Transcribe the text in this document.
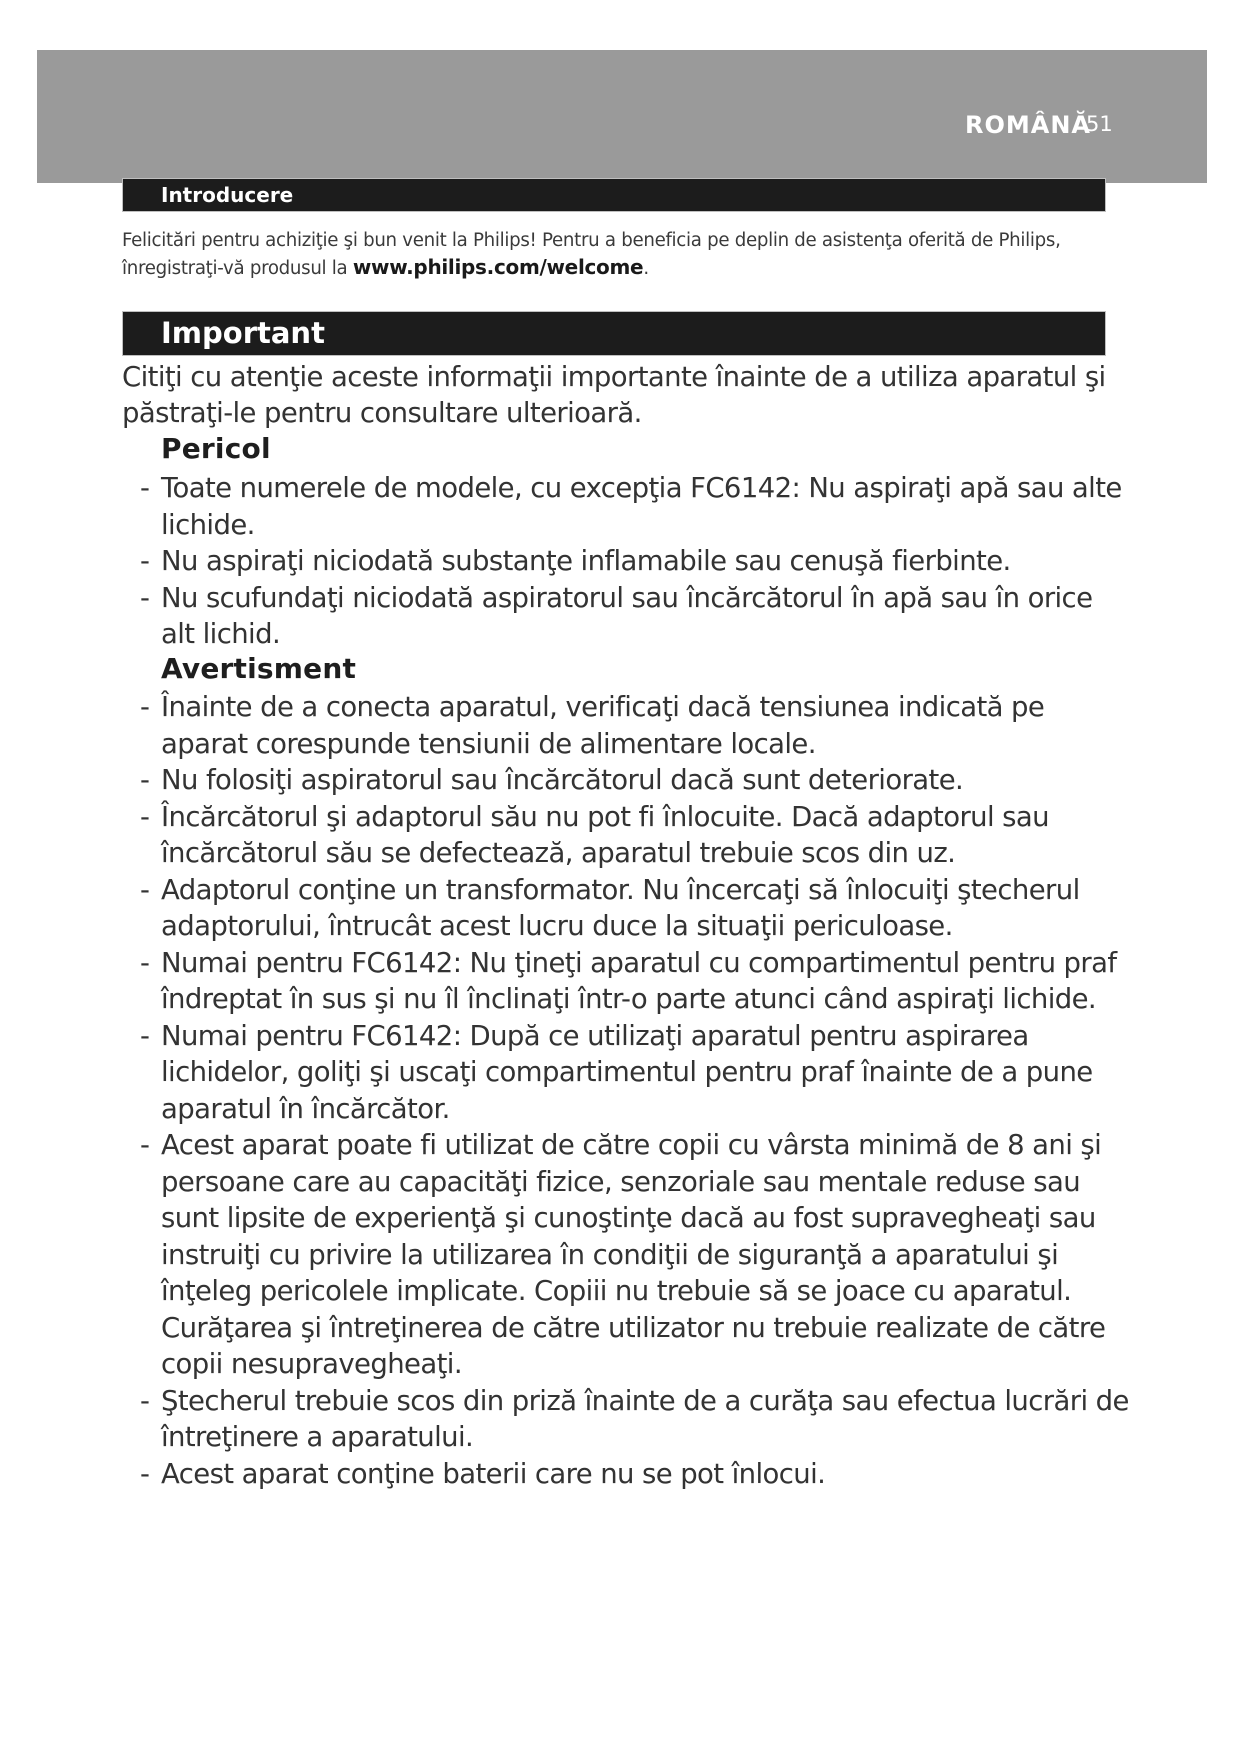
ROMÂNĂ
51
Introducere
Felicitări pentru achiziţie şi bun venit la Philips! Pentru a beneficia pe deplin de asistenţa oferită de Philips, înregistraţi-vă produsul la www.philips.com/welcome.
Important
Citiţi cu atenţie aceste informaţii importante înainte de a utiliza aparatul şi păstraţi-le pentru consultare ulterioară.
Pericol
- Toate numerele de modele, cu excepţia FC6142: Nu aspiraţi apă sau alte lichide.
- Nu aspiraţi niciodată substanţe inflamabile sau cenuşă fierbinte.
- Nu scufundaţi niciodată aspiratorul sau încărcătorul în apă sau în orice alt lichid.
Avertisment
- Înainte de a conecta aparatul, verificaţi dacă tensiunea indicată pe aparat corespunde tensiunii de alimentare locale.
- Nu folosiţi aspiratorul sau încărcătorul dacă sunt deteriorate.
- Încărcătorul şi adaptorul său nu pot fi înlocuite. Dacă adaptorul sau încărcătorul său se defectează, aparatul trebuie scos din uz.
- Adaptorul conţine un transformator. Nu încercaţi să înlocuiţi ştecherul adaptorului, întrucât acest lucru duce la situaţii periculoase.
- Numai pentru FC6142: Nu ţineţi aparatul cu compartimentul pentru praf îndreptat în sus şi nu îl înclinaţi într-o parte atunci când aspiraţi lichide.
- Numai pentru FC6142: După ce utilizaţi aparatul pentru aspirarea lichidelor, goliţi şi uscaţi compartimentul pentru praf înainte de a pune aparatul în încărcător.
- Acest aparat poate fi utilizat de către copii cu vârsta minimă de 8 ani şi persoane care au capacităţi fizice, senzoriale sau mentale reduse sau sunt lipsite de experienţă şi cunoştinţe dacă au fost supravegheaţi sau instruiţi cu privire la utilizarea în condiţii de siguranţă a aparatului şi înţeleg pericolele implicate. Copiii nu trebuie să se joace cu aparatul. Curăţarea şi întreţinerea de către utilizator nu trebuie realizate de către copii nesupravegheaţi.
- Ştecherul trebuie scos din priză înainte de a curăţa sau efectua lucrări de întreţinere a aparatului.
- Acest aparat conţine baterii care nu se pot înlocui.
